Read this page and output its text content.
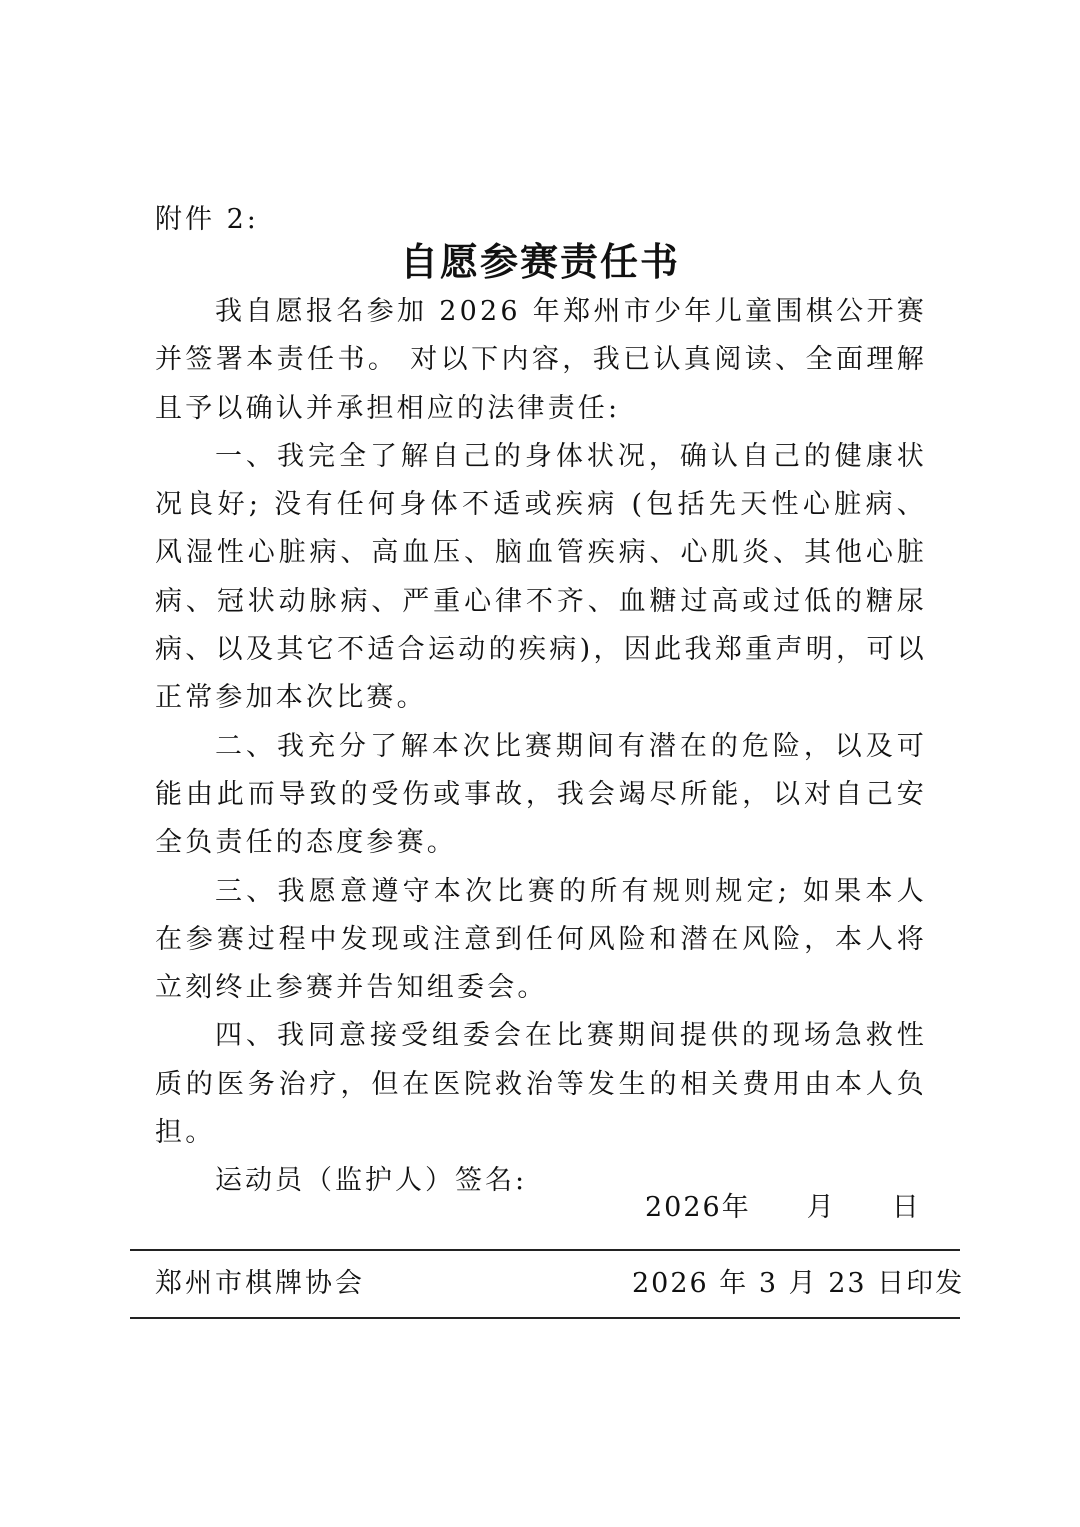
附件 2:
自愿参赛责任书

我自愿报名参加 2026 年郑州市少年儿童围棋公开赛并签署本责任书。 对以下内容，我已认真阅读、全面理解且予以确认并承担相应的法律责任:

一、我完全了解自己的身体状况，确认自己的健康状况良好; 没有任何身体不适或疾病 (包括先天性心脏病、风湿性心脏病、高血压、脑血管疾病、心肌炎、其他心脏病、冠状动脉病、严重心律不齐、血糖过高或过低的糖尿病、以及其它不适合运动的疾病)，因此我郑重声明，可以正常参加本次比赛。

二、我充分了解本次比赛期间有潜在的危险，以及可能由此而导致的受伤或事故，我会竭尽所能，以对自己安全负责任的态度参赛。

三、我愿意遵守本次比赛的所有规则规定; 如果本人在参赛过程中发现或注意到任何风险和潜在风险，本人将立刻终止参赛并告知组委会。

四、我同意接受组委会在比赛期间提供的现场急救性质的医务治疗，但在医院救治等发生的相关费用由本人负担。

运动员（监护人）签名:

2026年 月 日
郑州市棋牌协会	2026 年 3 月 23 日印发
